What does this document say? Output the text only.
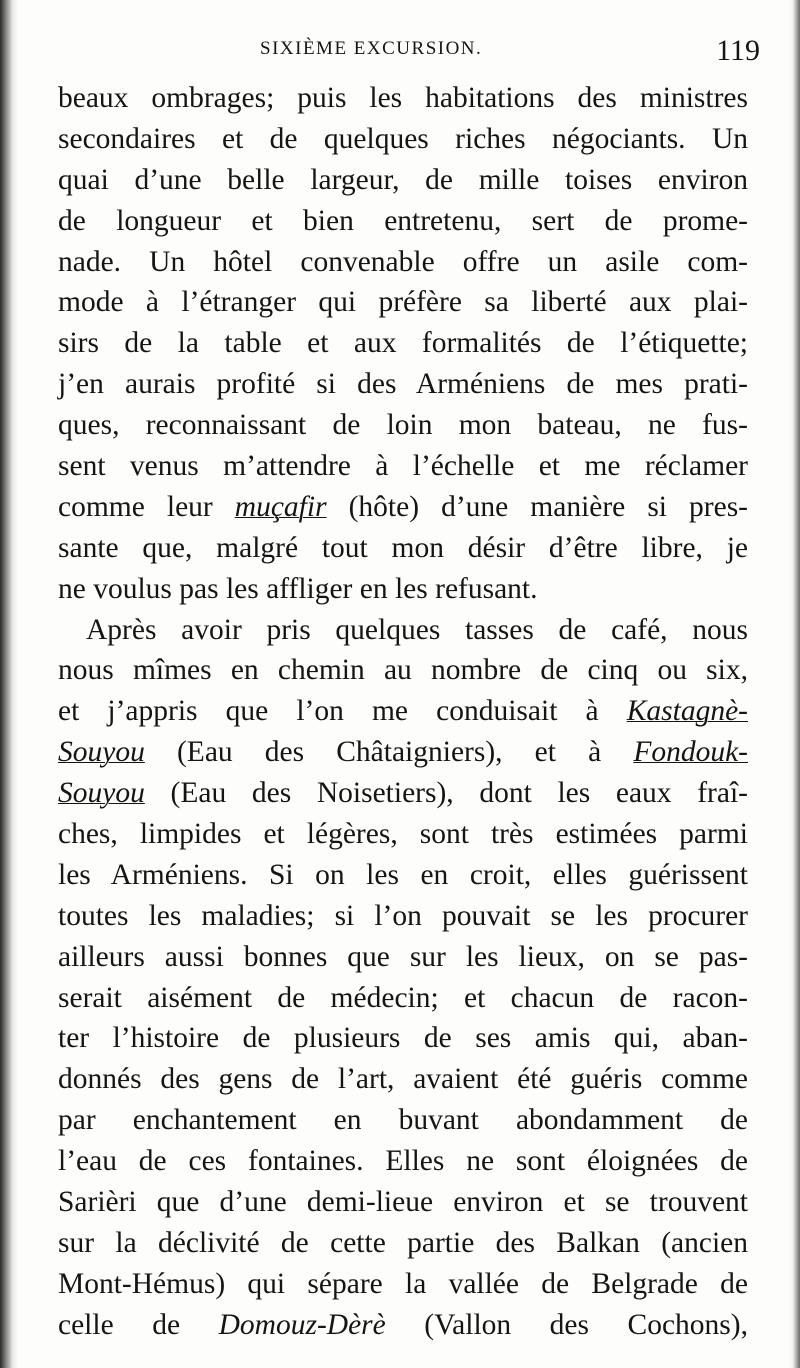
SIXIÈME EXCURSION.	119
beaux ombrages; puis les habitations des ministres
secondaires et de quelques riches négociants. Un
quai d’une belle largeur, de mille toises environ
de longueur et bien entretenu, sert de prome-
nade. Un hôtel convenable offre un asile com-
mode à l’étranger qui préfère sa liberté aux plai-
sirs de la table et aux formalités de l’étiquette;
j’en aurais profité si des Arméniens de mes prati-
ques, reconnaissant de loin mon bateau, ne fus-
sent venus m’attendre à l’échelle et me réclamer
comme leur muçafir (hôte) d’une manière si pres-
sante que, malgré tout mon désir d’être libre, je
ne voulus pas les affliger en les refusant.
Après avoir pris quelques tasses de café, nous
nous mîmes en chemin au nombre de cinq ou six,
et j’appris que l’on me conduisait à Kastagnè-
Souyou (Eau des Châtaigniers), et à Fondouk-
Souyou (Eau des Noisetiers), dont les eaux fraî-
ches, limpides et légères, sont très estimées parmi
les Arméniens. Si on les en croit, elles guérissent
toutes les maladies; si l’on pouvait se les procurer
ailleurs aussi bonnes que sur les lieux, on se pas-
serait aisément de médecin; et chacun de racon-
ter l’histoire de plusieurs de ses amis qui, aban-
donnés des gens de l’art, avaient été guéris comme
par enchantement en buvant abondamment de
l’eau de ces fontaines. Elles ne sont éloignées de
Sarièri que d’une demi-lieue environ et se trouvent
sur la déclivité de cette partie des Balkan (ancien
Mont-Hémus) qui sépare la vallée de Belgrade de
celle de Domouz-Dèrè (Vallon des Cochons),
